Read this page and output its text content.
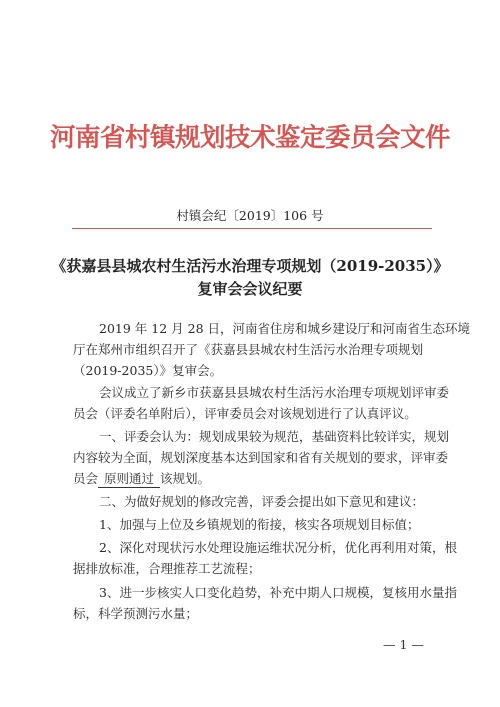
河南省村镇规划技术鉴定委员会文件
村镇会纪〔2019〕106 号
《获嘉县县城农村生活污水治理专项规划（2019-2035）》
复审会会议纪要
2019 年 12 月 28 日，河南省住房和城乡建设厅和河南省生态环境
厅在郑州市组织召开了《获嘉县县城农村生活污水治理专项规划
（2019-2035）》复审会。
会议成立了新乡市获嘉县县城农村生活污水治理专项规划评审委
员会（评委名单附后），评审委员会对该规划进行了认真评议。
一、评委会认为：规划成果较为规范，基础资料比较详实，规划
内容较为全面，规划深度基本达到国家和省有关规划的要求，评审委
员会 原则通过 该规划。
二、为做好规划的修改完善，评委会提出如下意见和建议：
1、加强与上位及乡镇规划的衔接，核实各项规划目标值；
2、深化对现状污水处理设施运维状况分析，优化再利用对策，根
据排放标准，合理推荐工艺流程；
3、进一步核实人口变化趋势，补充中期人口规模，复核用水量指
标，科学预测污水量；
— 1 —
